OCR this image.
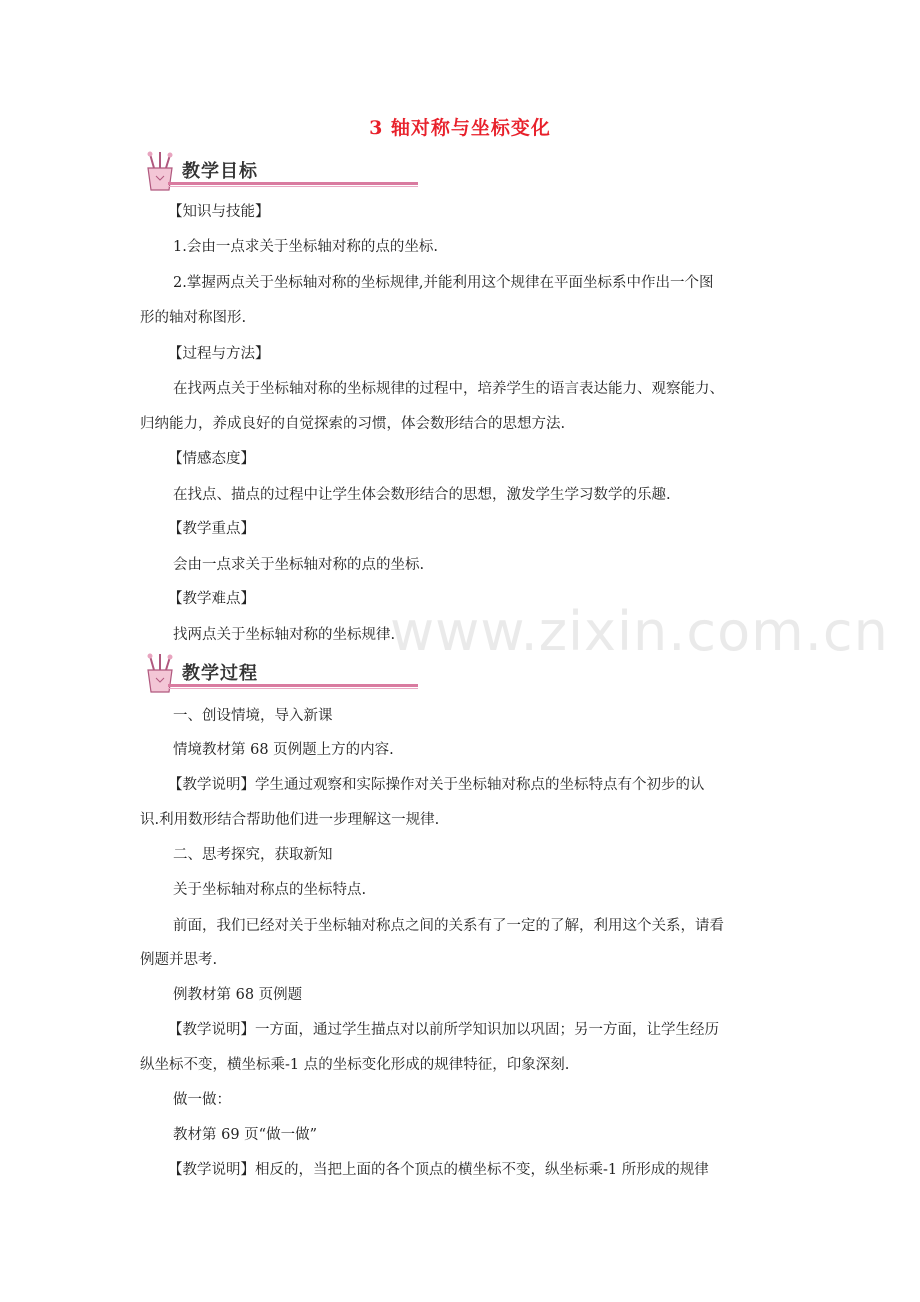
3 轴对称与坐标变化
教学目标
教学过程
www.zixin.com.cn
【知识与技能】
1.会由一点求关于坐标轴对称的点的坐标.
2.掌握两点关于坐标轴对称的坐标规律,并能利用这个规律在平面坐标系中作出一个图
形的轴对称图形.
【过程与方法】
在找两点关于坐标轴对称的坐标规律的过程中，培养学生的语言表达能力、观察能力、
归纳能力，养成良好的自觉探索的习惯，体会数形结合的思想方法.
【情感态度】
在找点、描点的过程中让学生体会数形结合的思想，激发学生学习数学的乐趣.
【教学重点】
会由一点求关于坐标轴对称的点的坐标.
【教学难点】
找两点关于坐标轴对称的坐标规律.
一、创设情境，导入新课
情境教材第 68 页例题上方的内容.
【教学说明】学生通过观察和实际操作对关于坐标轴对称点的坐标特点有个初步的认
识.利用数形结合帮助他们进一步理解这一规律.
二、思考探究，获取新知
关于坐标轴对称点的坐标特点.
前面，我们已经对关于坐标轴对称点之间的关系有了一定的了解，利用这个关系，请看
例题并思考.
例教材第 68 页例题
【教学说明】一方面，通过学生描点对以前所学知识加以巩固；另一方面，让学生经历
纵坐标不变，横坐标乘-1 点的坐标变化形成的规律特征，印象深刻.
做一做：
教材第 69 页“做一做”
【教学说明】相反的，当把上面的各个顶点的横坐标不变，纵坐标乘-1 所形成的规律
